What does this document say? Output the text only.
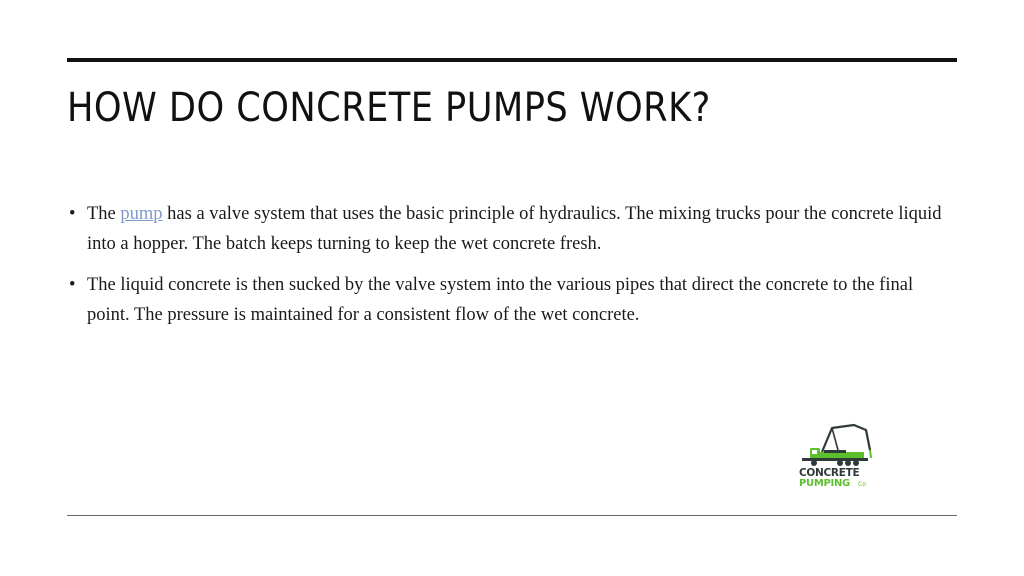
HOW DO CONCRETE PUMPS WORK?
• The pump has a valve system that uses the basic principle of hydraulics. The mixing trucks pour the concrete liquid into a hopper. The batch keeps turning to keep the wet concrete fresh.
• The liquid concrete is then sucked by the valve system into the various pipes that direct the concrete to the final point. The pressure is maintained for a consistent flow of the wet concrete.
CONCRETE
PUMPING Co
